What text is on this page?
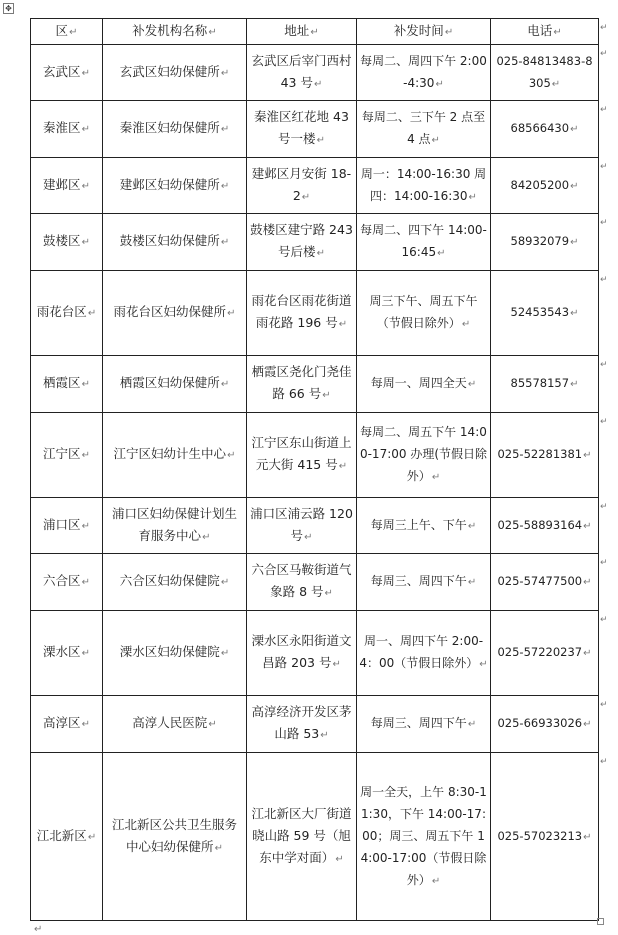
✥
区↵	补发机构名称↵	地址↵	补发时间↵	电话↵
玄武区↵	玄武区妇幼保健所↵	玄武区后宰门西村 43 号↵	每周二、周四下午 2:00-4:30↵	025-84813483-8305↵
秦淮区↵	秦淮区妇幼保健所↵	秦淮区红花地 43 号一楼↵	每周二、三下午 2 点至 4 点↵	68566430↵
建邺区↵	建邺区妇幼保健所↵	建邺区月安街 18-2↵	周一：14:00-16:30 周四：14:00-16:30↵	84205200↵
鼓楼区↵	鼓楼区妇幼保健所↵	鼓楼区建宁路 243 号后楼↵	每周二、四下午 14:00-16:45↵	58932079↵
雨花台区↵	雨花台区妇幼保健所↵	雨花台区雨花街道雨花路 196 号↵	周三下午、周五下午（节假日除外）↵	52453543↵
栖霞区↵	栖霞区妇幼保健所↵	栖霞区尧化门尧佳路 66 号↵	每周一、周四全天↵	85578157↵
江宁区↵	江宁区妇幼计生中心↵	江宁区东山街道上元大街 415 号↵	每周二、周五下午 14:00-17:00 办理(节假日除外）↵	025-52281381↵
浦口区↵	浦口区妇幼保健计划生育服务中心↵	浦口区浦云路 120 号↵	每周三上午、下午↵	025-58893164↵
六合区↵	六合区妇幼保健院↵	六合区马鞍街道气象路 8 号↵	每周三、周四下午↵	025-57477500↵
溧水区↵	溧水区妇幼保健院↵	溧水区永阳街道文昌路 203 号↵	周一、周四下午 2:00-4：00（节假日除外）↵	025-57220237↵
高淳区↵	高淳人民医院↵	高淳经济开发区茅山路 53↵	每周三、周四下午↵	025-66933026↵
江北新区↵	江北新区公共卫生服务中心妇幼保健所↵	江北新区大厂街道晓山路 59 号（旭东中学对面）↵	周一全天，上午 8:30-11:30，下午 14:00-17:00；周三、周五下午 14:00-17:00（节假日除外）↵	025-57023213↵
↵
↵
↵
↵
↵
↵
↵
↵
↵
↵
↵
↵
↵
↵
